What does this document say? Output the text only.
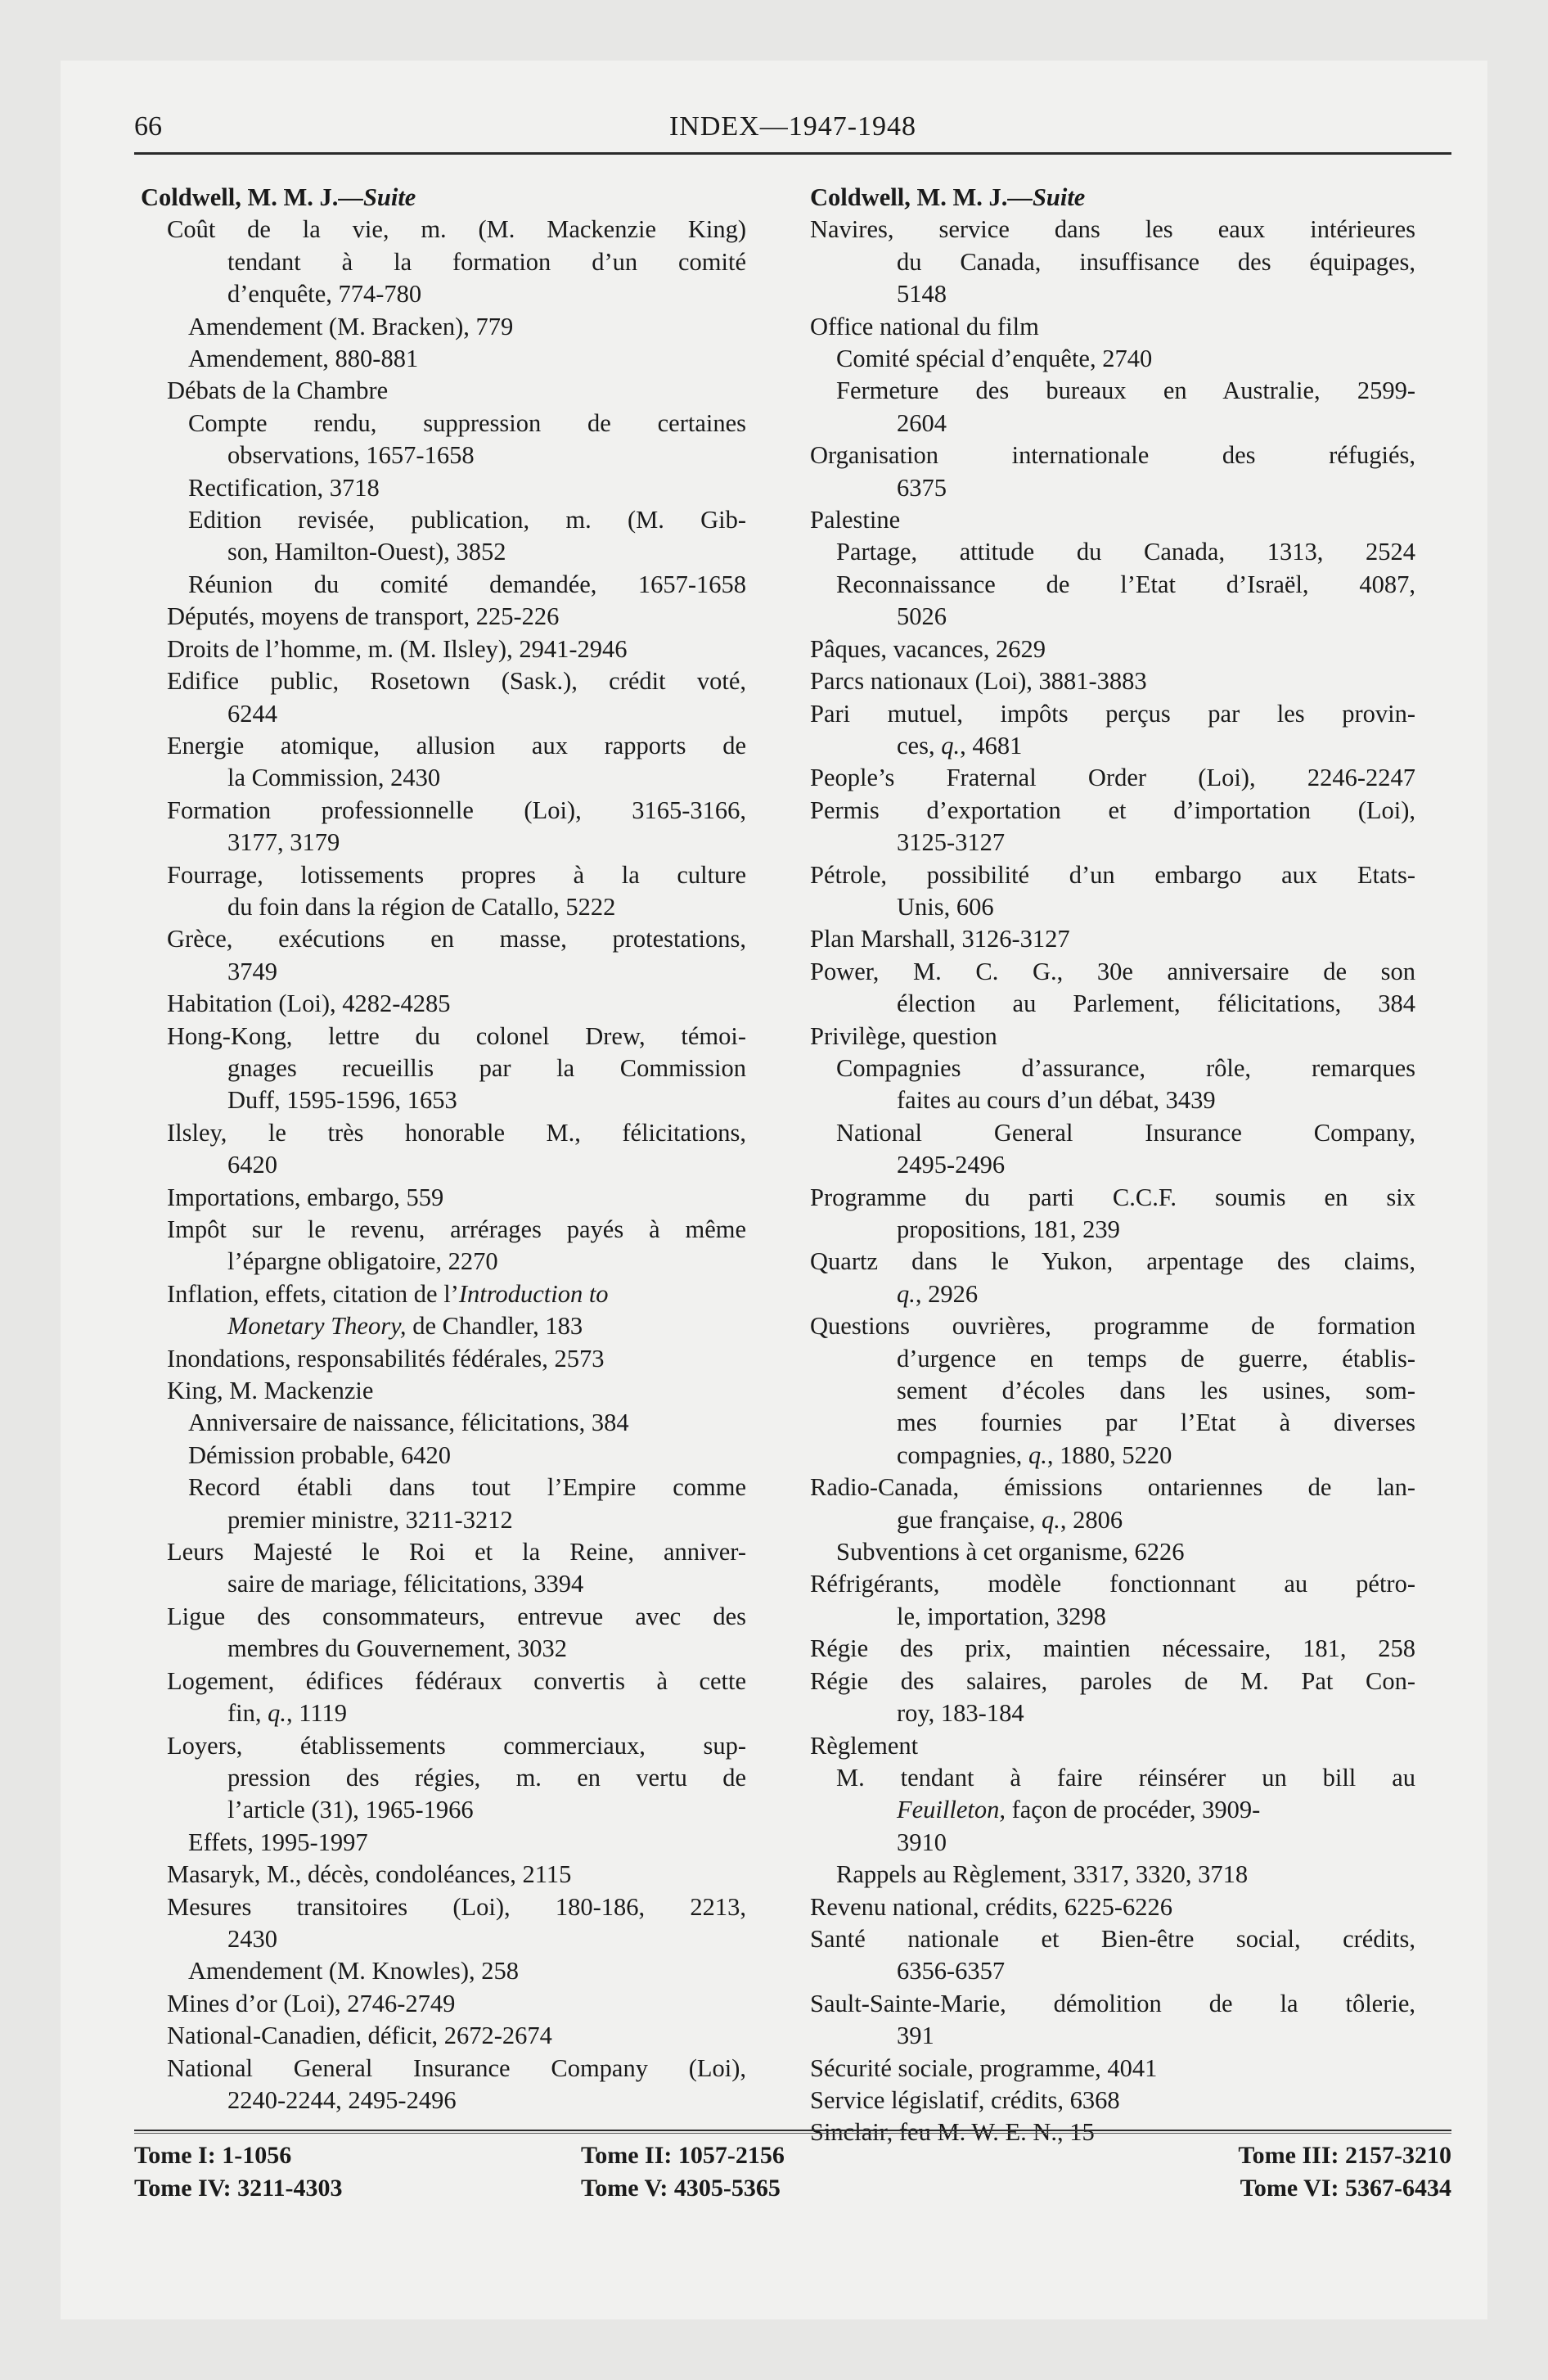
66	INDEX—1947-1948
Coldwell, M. M. J.—Suite
Coût de la vie, m. (M. Mackenzie King)
tendant à la formation d’un comité
d’enquête, 774-780
Amendement (M. Bracken), 779
Amendement, 880-881
Débats de la Chambre
Compte rendu, suppression de certaines
observations, 1657-1658
Rectification, 3718
Edition revisée, publication, m. (M. Gib-
son, Hamilton-Ouest), 3852
Réunion du comité demandée, 1657-1658
Députés, moyens de transport, 225-226
Droits de l’homme, m. (M. Ilsley), 2941-2946
Edifice public, Rosetown (Sask.), crédit voté,
6244
Energie atomique, allusion aux rapports de
la Commission, 2430
Formation professionnelle (Loi), 3165-3166,
3177, 3179
Fourrage, lotissements propres à la culture
du foin dans la région de Catallo, 5222
Grèce, exécutions en masse, protestations,
3749
Habitation (Loi), 4282-4285
Hong-Kong, lettre du colonel Drew, témoi-
gnages recueillis par la Commission
Duff, 1595-1596, 1653
Ilsley, le très honorable M., félicitations,
6420
Importations, embargo, 559
Impôt sur le revenu, arrérages payés à même
l’épargne obligatoire, 2270
Inflation, effets, citation de l’Introduction to
Monetary Theory, de Chandler, 183
Inondations, responsabilités fédérales, 2573
King, M. Mackenzie
Anniversaire de naissance, félicitations, 384
Démission probable, 6420
Record établi dans tout l’Empire comme
premier ministre, 3211-3212
Leurs Majesté le Roi et la Reine, anniver-
saire de mariage, félicitations, 3394
Ligue des consommateurs, entrevue avec des
membres du Gouvernement, 3032
Logement, édifices fédéraux convertis à cette
fin, q., 1119
Loyers, établissements commerciaux, sup-
pression des régies, m. en vertu de
l’article (31), 1965-1966
Effets, 1995-1997
Masaryk, M., décès, condoléances, 2115
Mesures transitoires (Loi), 180-186, 2213,
2430
Amendement (M. Knowles), 258
Mines d’or (Loi), 2746-2749
National-Canadien, déficit, 2672-2674
National General Insurance Company (Loi),
2240-2244, 2495-2496
Coldwell, M. M. J.—Suite
Navires, service dans les eaux intérieures
du Canada, insuffisance des équipages,
5148
Office national du film
Comité spécial d’enquête, 2740
Fermeture des bureaux en Australie, 2599-
2604
Organisation internationale des réfugiés,
6375
Palestine
Partage, attitude du Canada, 1313, 2524
Reconnaissance de l’Etat d’Israël, 4087,
5026
Pâques, vacances, 2629
Parcs nationaux (Loi), 3881-3883
Pari mutuel, impôts perçus par les provin-
ces, q., 4681
People’s Fraternal Order (Loi), 2246-2247
Permis d’exportation et d’importation (Loi),
3125-3127
Pétrole, possibilité d’un embargo aux Etats-
Unis, 606
Plan Marshall, 3126-3127
Power, M. C. G., 30e anniversaire de son
élection au Parlement, félicitations, 384
Privilège, question
Compagnies d’assurance, rôle, remarques
faites au cours d’un débat, 3439
National General Insurance Company,
2495-2496
Programme du parti C.C.F. soumis en six
propositions, 181, 239
Quartz dans le Yukon, arpentage des claims,
q., 2926
Questions ouvrières, programme de formation
d’urgence en temps de guerre, établis-
sement d’écoles dans les usines, som-
mes fournies par l’Etat à diverses
compagnies, q., 1880, 5220
Radio-Canada, émissions ontariennes de lan-
gue française, q., 2806
Subventions à cet organisme, 6226
Réfrigérants, modèle fonctionnant au pétro-
le, importation, 3298
Régie des prix, maintien nécessaire, 181, 258
Régie des salaires, paroles de M. Pat Con-
roy, 183-184
Règlement
M. tendant à faire réinsérer un bill au
Feuilleton, façon de procéder, 3909-
3910
Rappels au Règlement, 3317, 3320, 3718
Revenu national, crédits, 6225-6226
Santé nationale et Bien-être social, crédits,
6356-6357
Sault-Sainte-Marie, démolition de la tôlerie,
391
Sécurité sociale, programme, 4041
Service législatif, crédits, 6368
Tome I: 1-1056	Tome II: 1057-2156	Tome III: 2157-3210
Tome IV: 3211-4303	Tome V: 4305-5365	Tome VI: 5367-6434
